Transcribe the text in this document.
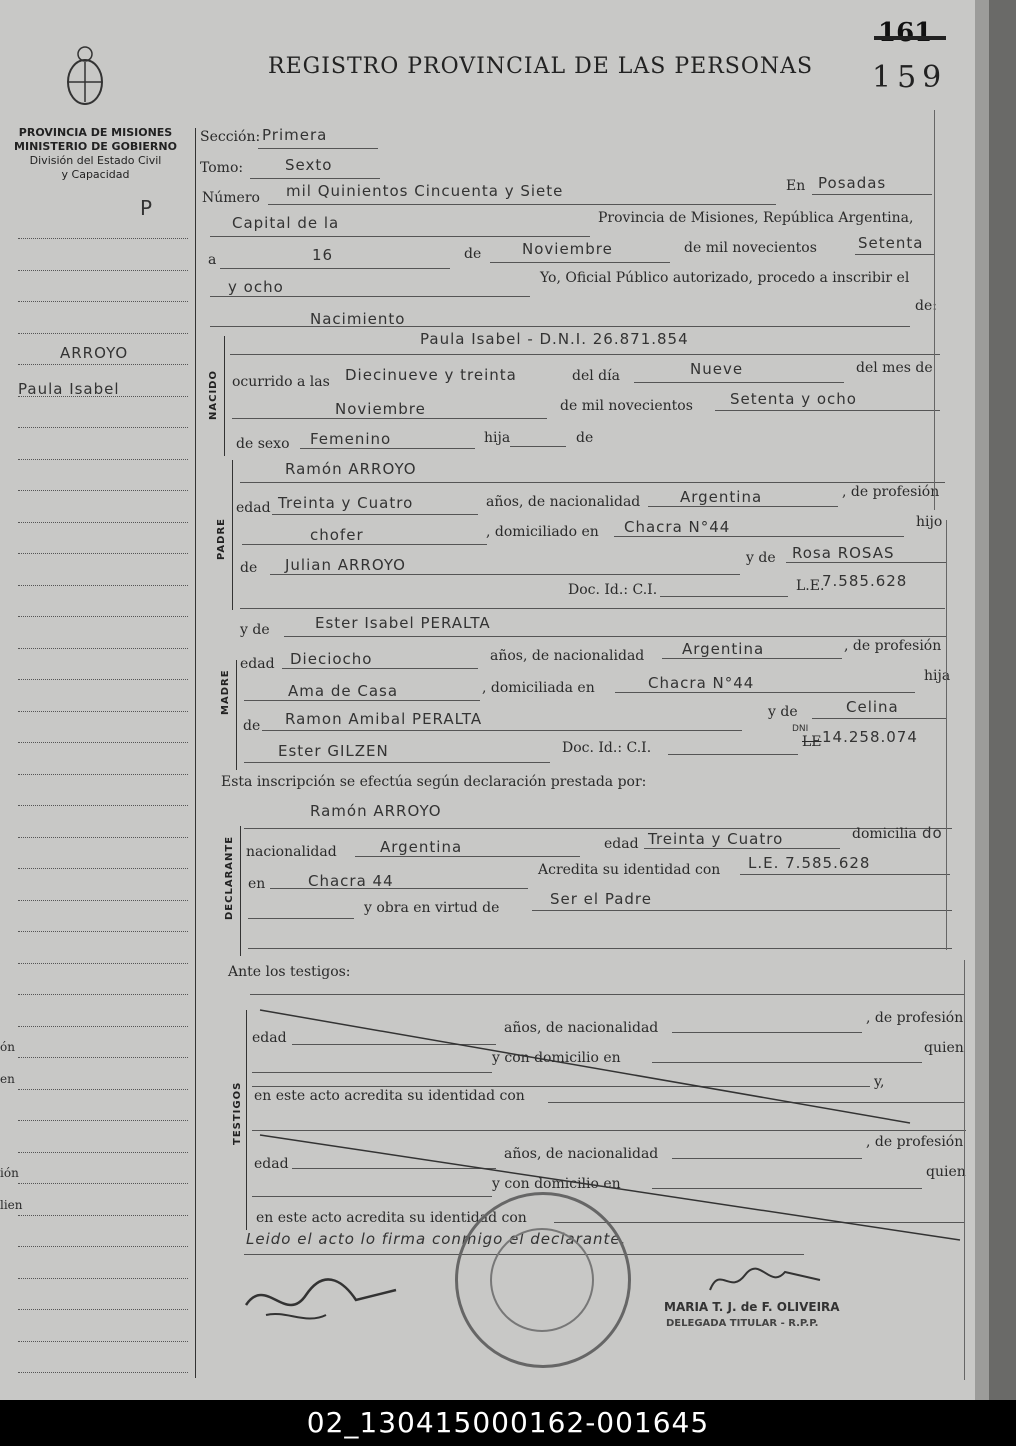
REGISTRO PROVINCIAL DE LAS PERSONAS
161
159
PROVINCIA DE MISIONES
MINISTERIO DE GOBIERNO
División del Estado Civil
y Capacidad
P
ARROYO
Paula Isabel
ón
en
ión
lien
Sección: Primera
Tomo:	Sexto
Número mil Quinientos Cincuenta y Siete	En Posadas
Capital de la	Provincia de Misiones, República Argentina,
a	16	de	Noviembre	de mil novecientos	Setenta
y ocho	Yo, Oficial Público autorizado, procedo a inscribir el
Nacimiento
de:
NACIDO
Paula Isabel - D.N.I. 26.871.854
ocurrido a las Diecinueve y treinta	del día	Nueve	del mes de
Noviembre	de mil novecientos Setenta y ocho
de sexo Femenino	hija	de
PADRE
Ramón ARROYO
edad Treinta y Cuatro	años, de nacionalidad	Argentina	, de profesión
chofer	, domiciliado en Chacra N°44	hijo
de Julian ARROYO	y de Rosa ROSAS
Doc. Id.: C.I.	L.E.
7.585.628
MADRE
y de	Ester Isabel PERALTA
edad Dieciocho	años, de nacionalidad	Argentina	, de profesión
Ama de Casa	, domiciliada en	Chacra N°44	hija
de Ramon Amibal PERALTA	y de	Celina
Ester GILZEN	Doc. Id.: C.I.
DNI
LE 14.258.074
Esta inscripción se efectúa según declaración prestada por:
DECLARANTE
Ramón ARROYO
nacionalidad	Argentina	edad Treinta y Cuatro	domicilia do
en	Chacra 44
Acredita su identidad con L.E. 7.585.628
y obra en virtud de	Ser el Padre
Ante los testigos:
TESTIGOS
edad
años, de nacionalidad
, de profesión
y con domicilio en
quien
y,
en este acto acredita su identidad con
edad
años, de nacionalidad
, de profesión
y con domicilio en
quien
en este acto acredita su identidad con
Leido el acto lo firma conmigo el declarante.
MARIA T. J. de F. OLIVEIRA
DELEGADA TITULAR - R.P.P.
02_130415000162-001645
